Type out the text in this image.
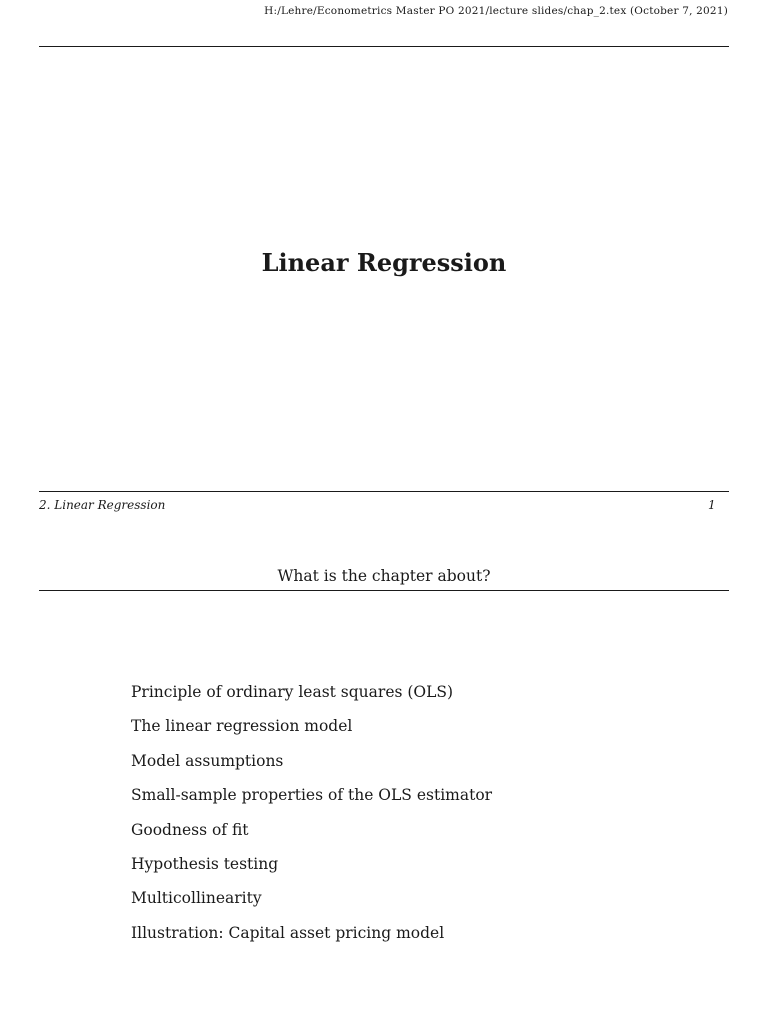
H:/Lehre/Econometrics Master PO 2021/lecture slides/chap_2.tex (October 7, 2021)
Linear Regression
2. Linear Regression	1
What is the chapter about?
Principle of ordinary least squares (OLS)
The linear regression model
Model assumptions
Small-sample properties of the OLS estimator
Goodness of fit
Hypothesis testing
Multicollinearity
Illustration: Capital asset pricing model
